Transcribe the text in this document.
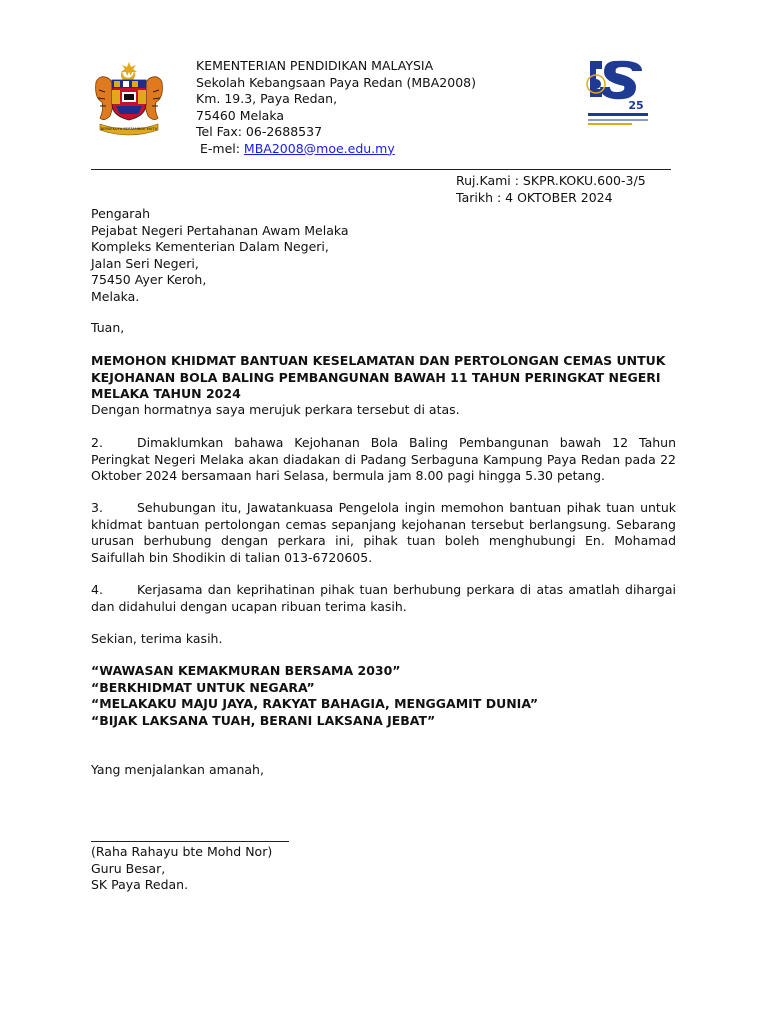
BERSEKUTU BERTAMBAH MUTU
25
KEMENTERIAN PENDIDIKAN MALAYSIA
Sekolah Kebangsaan Paya Redan (MBA2008)
Km. 19.3, Paya Redan,
75460 Melaka
Tel Fax: 06-2688537
E-mel: MBA2008@moe.edu.my
Ruj.Kami : SKPR.KOKU.600-3/5
Tarikh : 4 OKTOBER 2024
Pengarah
Pejabat Negeri Pertahanan Awam Melaka
Kompleks Kementerian Dalam Negeri,
Jalan Seri Negeri,
75450 Ayer Keroh,
Melaka.
Tuan,
MEMOHON KHIDMAT BANTUAN KESELAMATAN DAN PERTOLONGAN CEMAS UNTUK KEJOHANAN BOLA BALING PEMBANGUNAN BAWAH 11 TAHUN PERINGKAT NEGERI MELAKA TAHUN 2024
Dengan hormatnya saya merujuk perkara tersebut di atas.
2.	Dimaklumkan bahawa Kejohanan Bola Baling Pembangunan bawah 12 Tahun Peringkat Negeri Melaka akan diadakan di Padang Serbaguna Kampung Paya Redan pada 22 Oktober 2024 bersamaan hari Selasa, bermula jam 8.00 pagi hingga 5.30 petang.
3.	Sehubungan itu, Jawatankuasa Pengelola ingin memohon bantuan pihak tuan untuk khidmat bantuan pertolongan cemas sepanjang kejohanan tersebut berlangsung. Sebarang urusan berhubung dengan perkara ini, pihak tuan boleh menghubungi En. Mohamad Saifullah bin Shodikin di talian 013-6720605.
4.	Kerjasama dan keprihatinan pihak tuan berhubung perkara di atas amatlah dihargai dan didahului dengan ucapan ribuan terima kasih.
Sekian, terima kasih.
“WAWASAN KEMAKMURAN BERSAMA 2030”
“BERKHIDMAT UNTUK NEGARA”
“MELAKAKU MAJU JAYA, RAKYAT BAHAGIA, MENGGAMIT DUNIA”
“BIJAK LAKSANA TUAH, BERANI LAKSANA JEBAT”
Yang menjalankan amanah,
(Raha Rahayu bte Mohd Nor)
Guru Besar,
SK Paya Redan.
